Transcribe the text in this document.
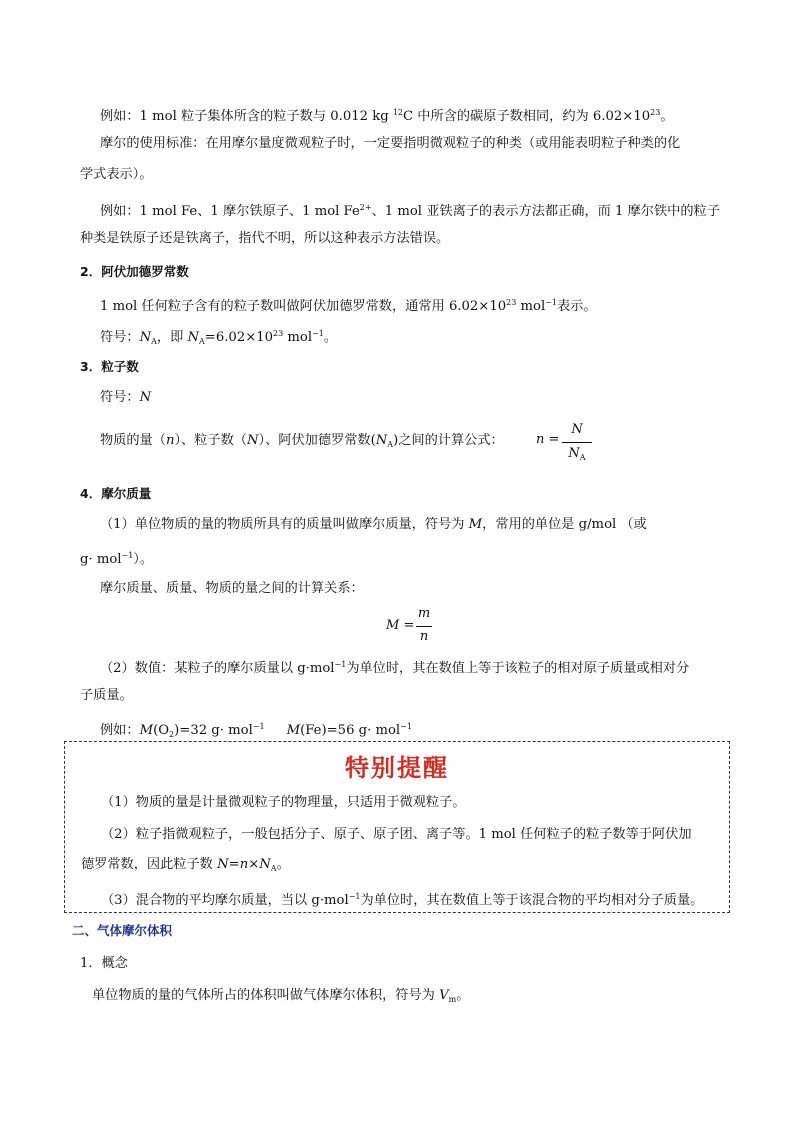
例如：1 mol 粒子集体所含的粒子数与 0.012 kg $^{12}$C 中所含的碳原子数相同，约为 $6.02\times 10^{23}$。
摩尔的使用标准：在用摩尔量度微观粒子时，一定要指明微观粒子的种类（或用能表明粒子种类的化
学式表示）。
例如：1 mol Fe、1 摩尔铁原子、1 mol $Fe^{2+}$、1 mol 亚铁离子的表示方法都正确，而 1 摩尔铁中的粒子
种类是铁原子还是铁离子，指代不明，所以这种表示方法错误。
2．阿伏加德罗常数
1 mol 任何粒子含有的粒子数叫做阿伏加德罗常数，通常用 $6.02\times 10^{23}$ mol$^{-1}$表示。
符号：$N_A$，即 $N_A=6.02\times 10^{23}$ mol$^{-1}$。
3．粒子数
符号：N
物质的量（n）、粒子数（N）、阿伏加德罗常数$(N_A)$之间的计算公式： n =
N
$N_A$
4．摩尔质量
（1）单位物质的量的物质所具有的质量叫做摩尔质量，符号为 M，常用的单位是 g/mol （或
g· mol$^{-1}$）。
摩尔质量、质量、物质的量之间的计算关系：
M =
m
n
（2）数值：某粒子的摩尔质量以 g·mol$^{-1}$为单位时，其在数值上等于该粒子的相对原子质量或相对分
子质量。
例如：$M(O_2)=32$ g· mol$^{-1}$ M(Fe)=56 g· mol$^{-1}$
特别提醒
（1）物质的量是计量微观粒子的物理量，只适用于微观粒子。
（2）粒子指微观粒子，一般包括分子、原子、原子团、离子等。1 mol 任何粒子的粒子数等于阿伏加
德罗常数，因此粒子数 $N=n\times N_A$。
（3）混合物的平均摩尔质量，当以 g·mol$^{-1}$为单位时，其在数值上等于该混合物的平均相对分子质量。
二、气体摩尔体积
1．概念
单位物质的量的气体所占的体积叫做气体摩尔体积，符号为 $V_m$。
